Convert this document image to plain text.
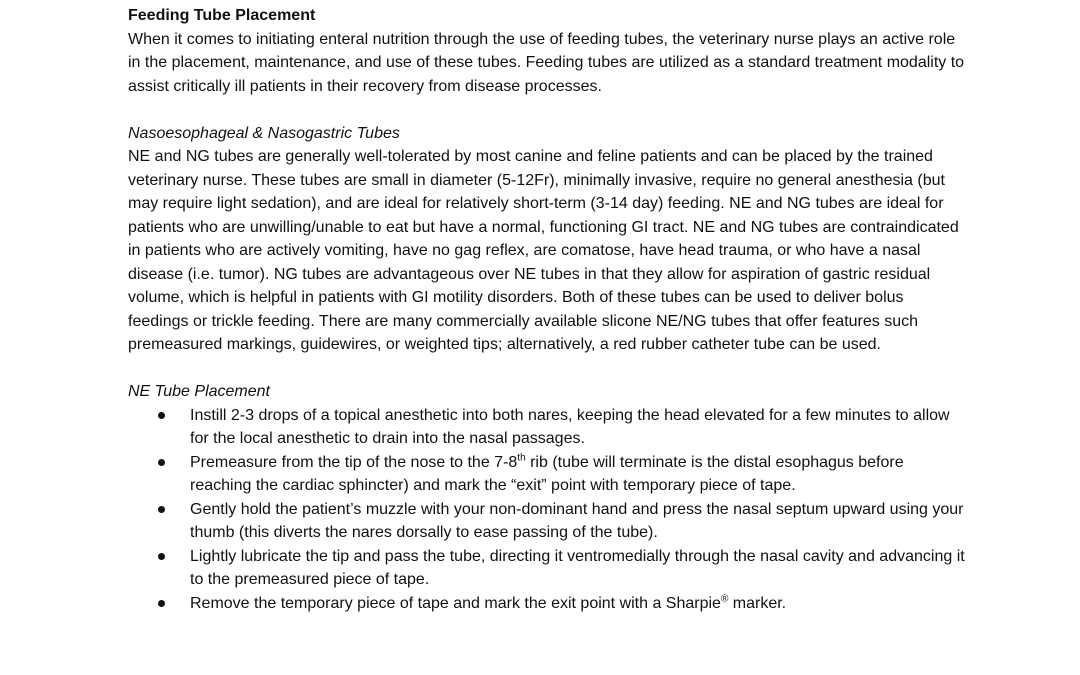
Feeding Tube Placement

When it comes to initiating enteral nutrition through the use of feeding tubes, the veterinary nurse plays an active role in the placement, maintenance, and use of these tubes. Feeding tubes are utilized as a standard treatment modality to assist critically ill patients in their recovery from disease processes.

Nasoesophageal & Nasogastric Tubes

NE and NG tubes are generally well-tolerated by most canine and feline patients and can be placed by the trained veterinary nurse. These tubes are small in diameter (5-12Fr), minimally invasive, require no general anesthesia (but may require light sedation), and are ideal for relatively short-term (3-14 day) feeding. NE and NG tubes are ideal for patients who are unwilling/unable to eat but have a normal, functioning GI tract. NE and NG tubes are contraindicated in patients who are actively vomiting, have no gag reflex, are comatose, have head trauma, or who have a nasal disease (i.e. tumor). NG tubes are advantageous over NE tubes in that they allow for aspiration of gastric residual volume, which is helpful in patients with GI motility disorders. Both of these tubes can be used to deliver bolus feedings or trickle feeding. There are many commercially available slicone NE/NG tubes that offer features such premeasured markings, guidewires, or weighted tips; alternatively, a red rubber catheter tube can be used.

NE Tube Placement

Instill 2-3 drops of a topical anesthetic into both nares, keeping the head elevated for a few minutes to allow for the local anesthetic to drain into the nasal passages.
Premeasure from the tip of the nose to the 7-8th rib (tube will terminate is the distal esophagus before reaching the cardiac sphincter) and mark the “exit” point with temporary piece of tape.
Gently hold the patient’s muzzle with your non-dominant hand and press the nasal septum upward using your thumb (this diverts the nares dorsally to ease passing of the tube).
Lightly lubricate the tip and pass the tube, directing it ventromedially through the nasal cavity and advancing it to the premeasured piece of tape.
Remove the temporary piece of tape and mark the exit point with a Sharpie® marker.
